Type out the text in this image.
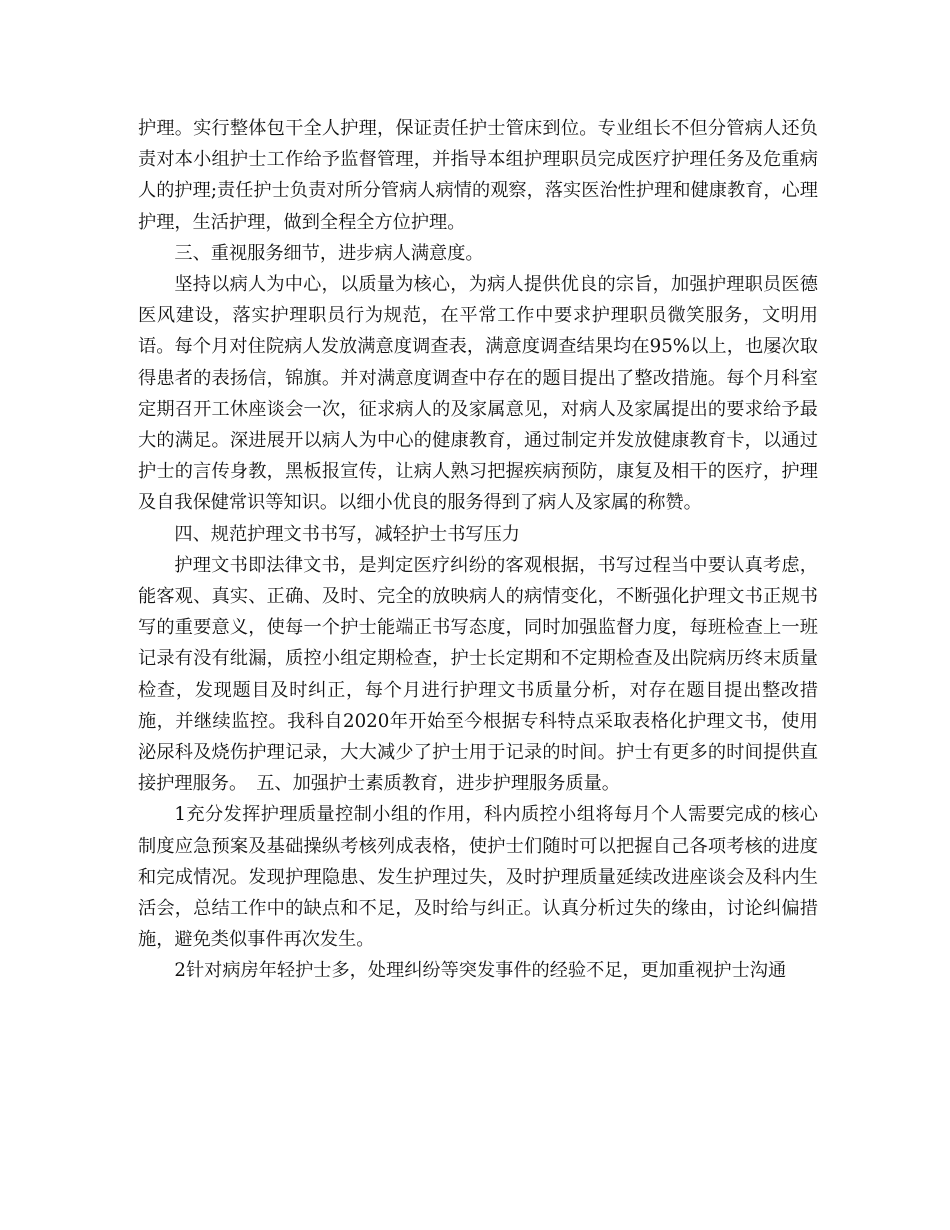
护理。实行整体包干全人护理，保证责任护士管床到位。专业组长不但分管病人还负责对本小组护士工作给予监督管理，并指导本组护理职员完成医疗护理任务及危重病人的护理;责任护士负责对所分管病人病情的观察，落实医治性护理和健康教育，心理护理，生活护理，做到全程全方位护理。

三、重视服务细节，进步病人满意度。

坚持以病人为中心，以质量为核心，为病人提供优良的宗旨，加强护理职员医德医风建设，落实护理职员行为规范，在平常工作中要求护理职员微笑服务，文明用语。每个月对住院病人发放满意度调查表，满意度调查结果均在95%以上，也屡次取得患者的表扬信，锦旗。并对满意度调查中存在的题目提出了整改措施。每个月科室定期召开工休座谈会一次，征求病人的及家属意见，对病人及家属提出的要求给予最大的满足。深进展开以病人为中心的健康教育，通过制定并发放健康教育卡，以通过护士的言传身教，黑板报宣传，让病人熟习把握疾病预防，康复及相干的医疗，护理及自我保健常识等知识。以细小优良的服务得到了病人及家属的称赞。

四、规范护理文书书写，减轻护士书写压力

护理文书即法律文书，是判定医疗纠纷的客观根据，书写过程当中要认真考虑，能客观、真实、正确、及时、完全的放映病人的病情变化，不断强化护理文书正规书写的重要意义，使每一个护士能端正书写态度，同时加强监督力度，每班检查上一班记录有没有纰漏，质控小组定期检查，护士长定期和不定期检查及出院病历终末质量检查，发现题目及时纠正，每个月进行护理文书质量分析，对存在题目提出整改措施，并继续监控。我科自2020年开始至今根据专科特点采取表格化护理文书，使用泌尿科及烧伤护理记录，大大减少了护士用于记录的时间。护士有更多的时间提供直接护理服务。　五、加强护士素质教育，进步护理服务质量。

1充分发挥护理质量控制小组的作用，科内质控小组将每月个人需要完成的核心制度应急预案及基础操纵考核列成表格，使护士们随时可以把握自己各项考核的进度和完成情况。发现护理隐患、发生护理过失，及时护理质量延续改进座谈会及科内生活会，总结工作中的缺点和不足，及时给与纠正。认真分析过失的缘由，讨论纠偏措施，避免类似事件再次发生。

2针对病房年轻护士多，处理纠纷等突发事件的经验不足，更加重视护士沟通
